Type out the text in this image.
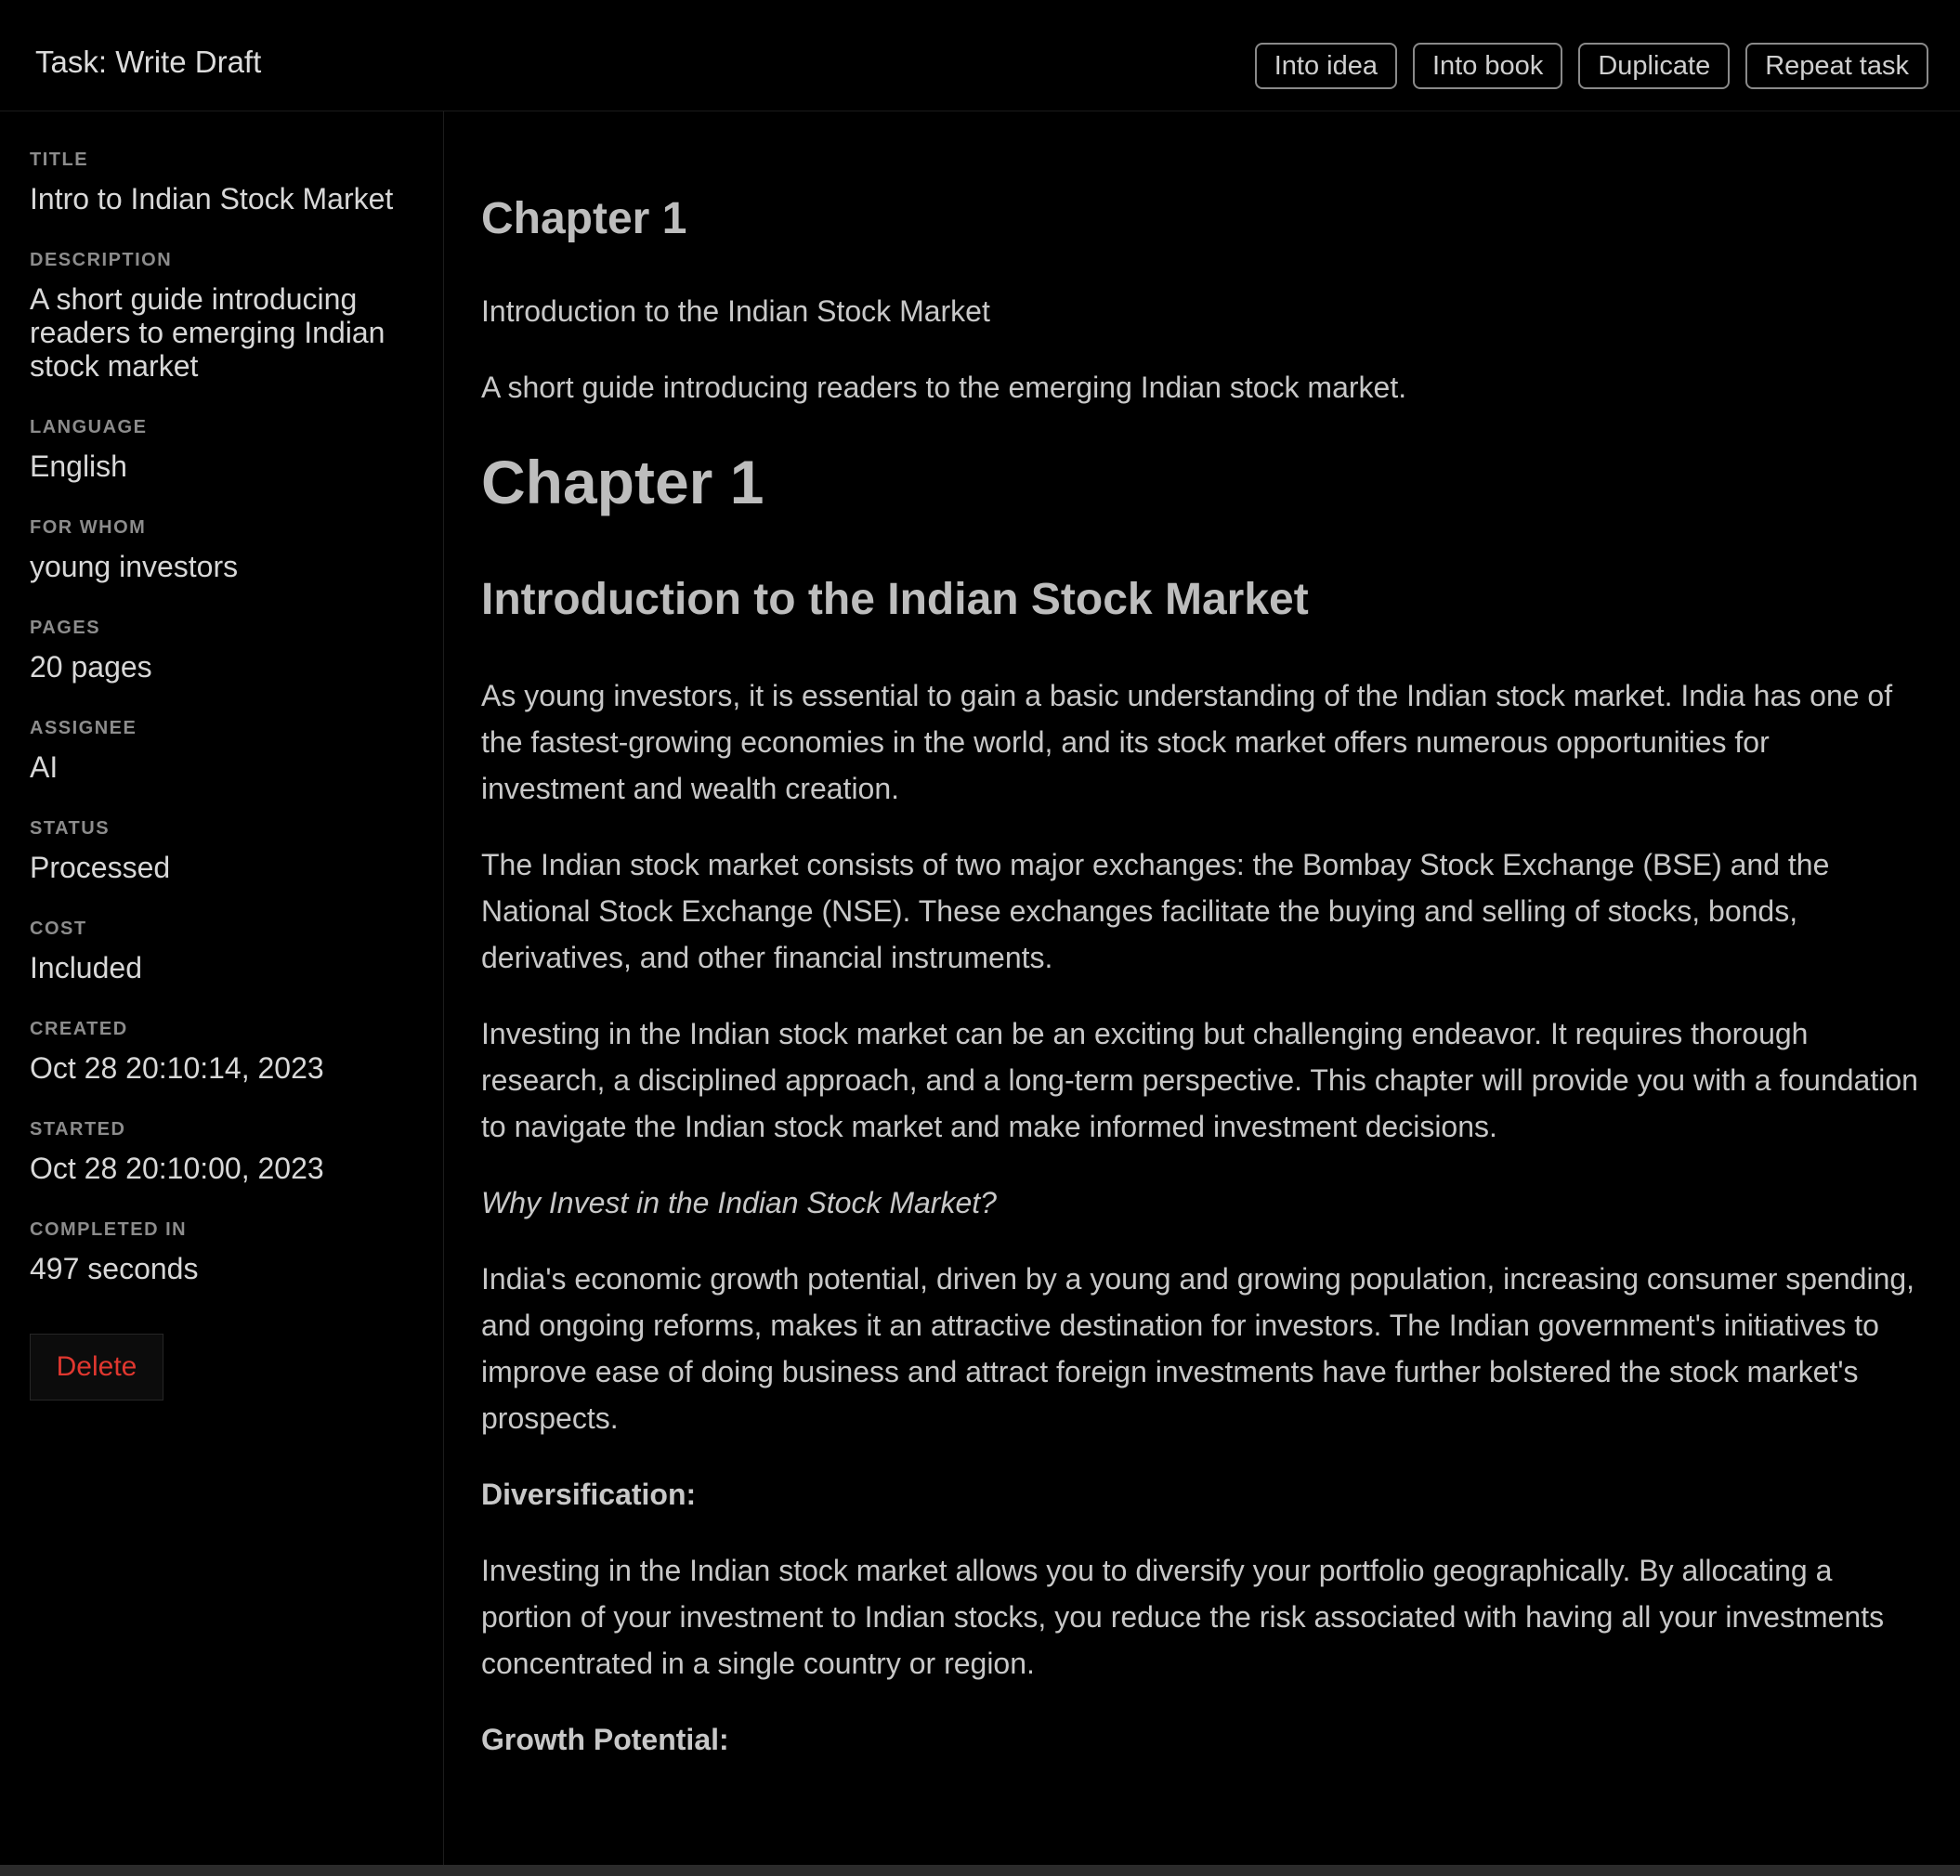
Task: Write Draft	Into idea	Into book	Duplicate	Repeat task
TITLE
Intro to Indian Stock Market
DESCRIPTION
A short guide introducing readers to emerging Indian stock market
LANGUAGE
English
FOR WHOM
young investors
PAGES
20 pages
ASSIGNEE
AI
STATUS
Processed
COST
Included
CREATED
Oct 28 20:10:14, 2023
STARTED
Oct 28 20:10:00, 2023
COMPLETED IN
497 seconds
Delete
Chapter 1

Introduction to the Indian Stock Market

A short guide introducing readers to the emerging Indian stock market.

Chapter 1
Introduction to the Indian Stock Market

As young investors, it is essential to gain a basic understanding of the Indian stock market. India has one of the fastest-growing economies in the world, and its stock market offers numerous opportunities for investment and wealth creation.

The Indian stock market consists of two major exchanges: the Bombay Stock Exchange (BSE) and the National Stock Exchange (NSE). These exchanges facilitate the buying and selling of stocks, bonds, derivatives, and other financial instruments.

Investing in the Indian stock market can be an exciting but challenging endeavor. It requires thorough research, a disciplined approach, and a long-term perspective. This chapter will provide you with a foundation to navigate the Indian stock market and make informed investment decisions.

Why Invest in the Indian Stock Market?

India's economic growth potential, driven by a young and growing population, increasing consumer spending, and ongoing reforms, makes it an attractive destination for investors. The Indian government's initiatives to improve ease of doing business and attract foreign investments have further bolstered the stock market's prospects.

Diversification:

Investing in the Indian stock market allows you to diversify your portfolio geographically. By allocating a portion of your investment to Indian stocks, you reduce the risk associated with having all your investments concentrated in a single country or region.

Growth Potential:
